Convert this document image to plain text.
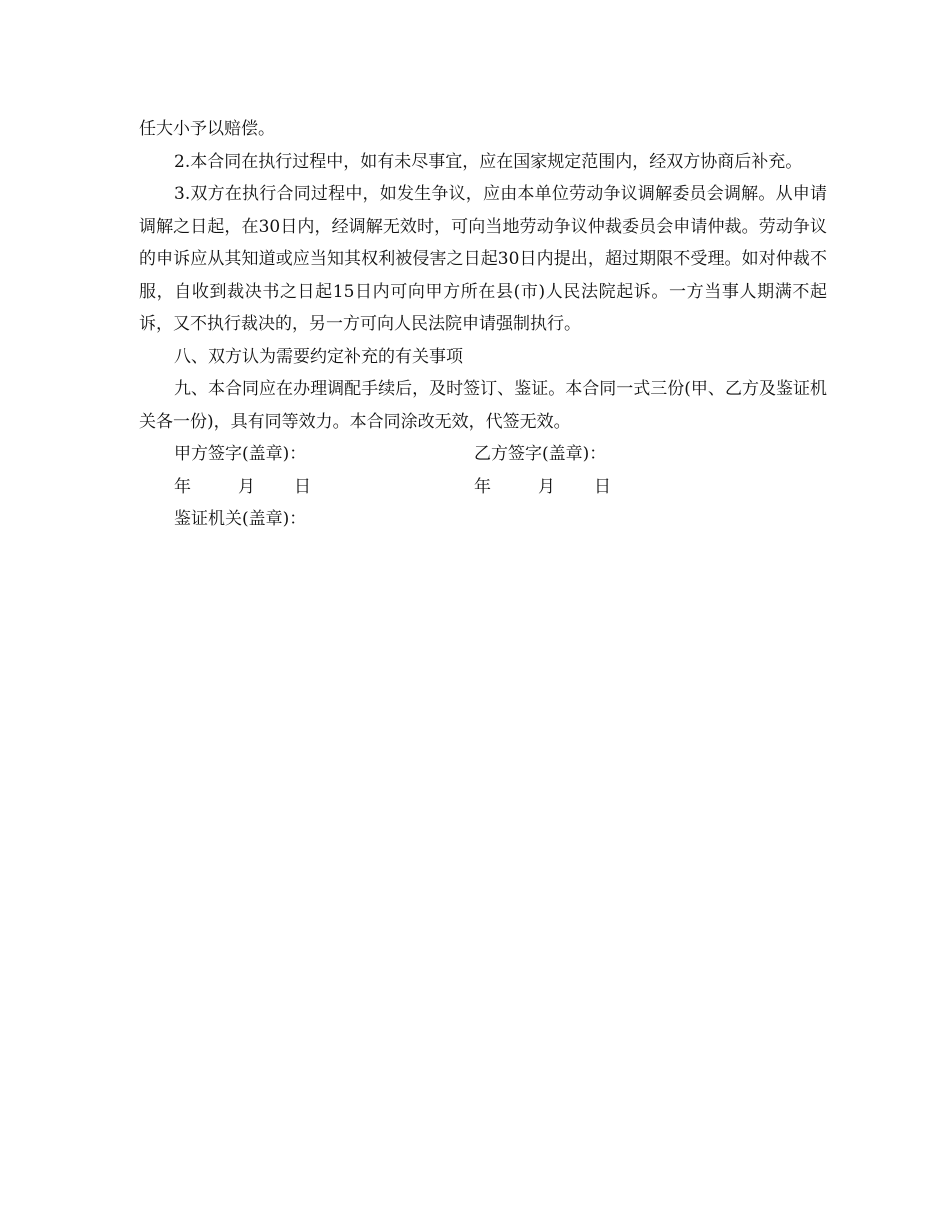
任大小予以赔偿。

2.本合同在执行过程中，如有未尽事宜，应在国家规定范围内，经双方协商后补充。

3.双方在执行合同过程中，如发生争议，应由本单位劳动争议调解委员会调解。从申请调解之日起，在30日内，经调解无效时，可向当地劳动争议仲裁委员会申请仲裁。劳动争议的申诉应从其知道或应当知其权利被侵害之日起30日内提出，超过期限不受理。如对仲裁不服，自收到裁决书之日起15日内可向甲方所在县(市)人民法院起诉。一方当事人期满不起诉，又不执行裁决的，另一方可向人民法院申请强制执行。

八、双方认为需要约定补充的有关事项

九、本合同应在办理调配手续后，及时签订、鉴证。本合同一式三份(甲、乙方及鉴证机关各一份)，具有同等效力。本合同涂改无效，代签无效。

甲方签字(盖章)：

	乙方签字(盖章)：

年	月 日

	年	月 日

鉴证机关(盖章)：
